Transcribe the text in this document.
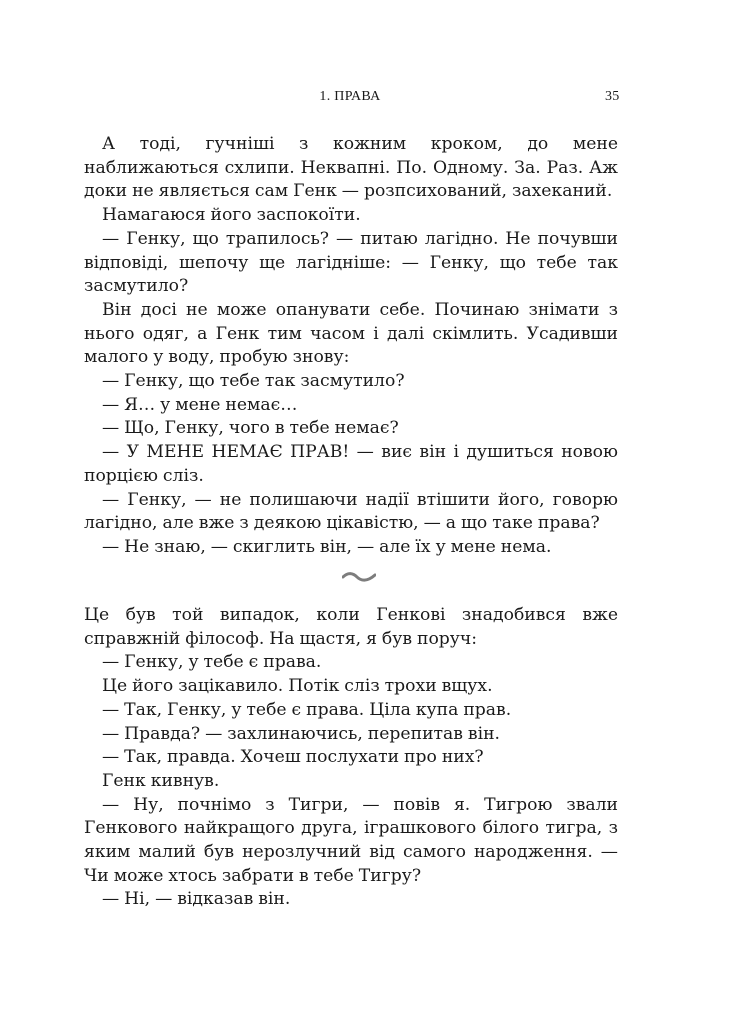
1. ПРАВА	35

А тоді, гучніші з кожним кроком, до мене наближаються схлипи. Неквапні. По. Одному. За. Раз. Аж доки не являється сам Генк — розпсихований, захеканий.

Намагаюся його заспокоїти.

— Генку, що трапилось? — питаю лагідно. Не почувши відповіді, шепочу ще лагідніше: — Генку, що тебе так засмутило?

Він досі не може опанувати себе. Починаю знімати з нього одяг, а Генк тим часом і далі скімлить. Усадивши малого у воду, пробую знову:

— Генку, що тебе так засмутило?

— Я… у мене немає…

— Що, Генку, чого в тебе немає?

— У МЕНЕ НЕМАЄ ПРАВ! — виє він і душиться новою порцією сліз.

— Генку, — не полишаючи надії втішити його, говорю лагідно, але вже з деякою цікавістю, — а що таке права?

— Не знаю, — скиглить він, — але їх у мене нема.

Це був той випадок, коли Генкові знадобився вже справжній філософ. На щастя, я був поруч:

— Генку, у тебе є права.

Це його зацікавило. Потік сліз трохи вщух.

— Так, Генку, у тебе є права. Ціла купа прав.

— Правда? — захлинаючись, перепитав він.

— Так, правда. Хочеш послухати про них?

Генк кивнув.

— Ну, почнімо з Тигри, — повів я. Тигрою звали Генкового найкращого друга, іграшкового білого тигра, з яким малий був нерозлучний від самого народження. — Чи може хтось забрати в тебе Тигру?

— Ні, — відказав він.
